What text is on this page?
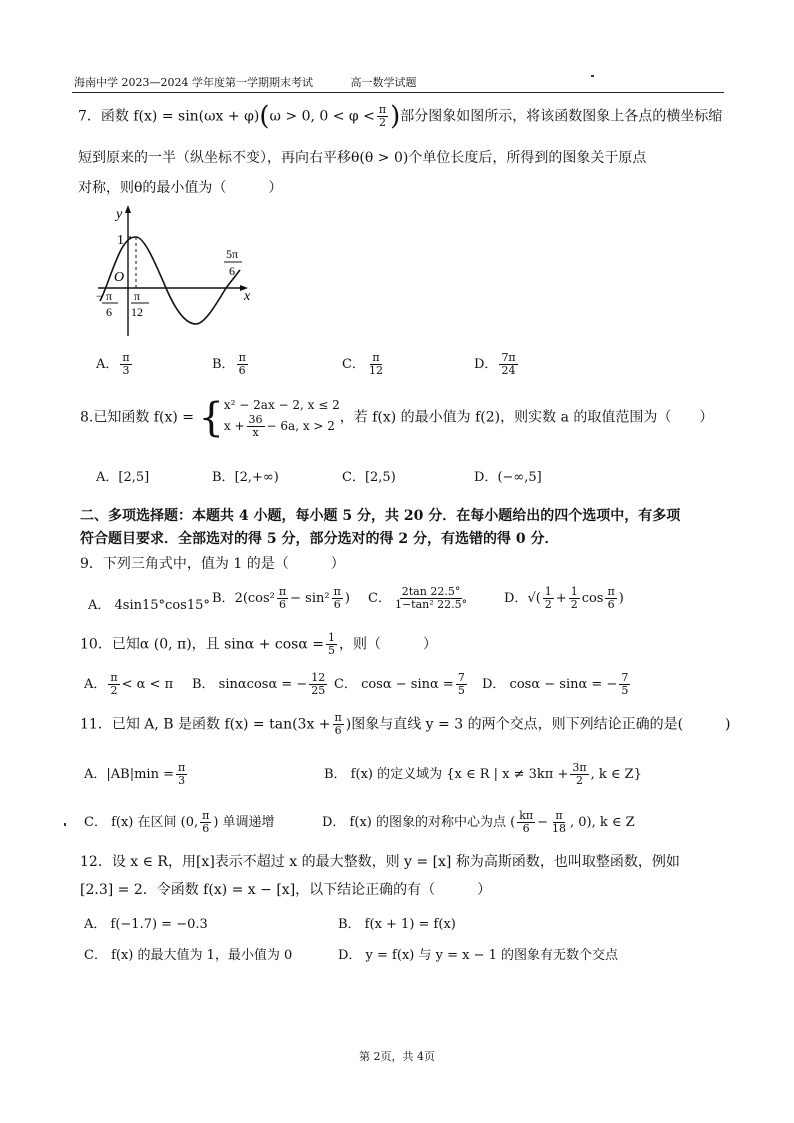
海南中学 2023—2024 学年度第一学期期末考试	高一数学试题
7．函数 f(x) = sin(ωx + φ)(ω > 0, $0 < \varphi < \frac{\pi}{2}$ )部分图象如图所示，将该函数图象上各点的横坐标缩
短到原来的一半（纵坐标不变），再向右平移θ(θ > 0)个单位长度后，所得到的图象关于原点
对称，则θ的最小值为（　　　）
y
x
O
1
− π
6
π
12
5π
6
A． $\frac{\pi}{3}$	B． $\frac{\pi}{6}$	C． $\frac{\pi}{12}$	D． $\frac{7\pi}{24}$
8.已知函数 f(x) = { x² − 2ax − 2, x ≤ 2
$x + \frac{36}{x} - 6a$, x > 2
，若 f(x) 的最小值为 f(2)，则实数 a 的取值范围为（　　）
A．[2,5]	B．[2,+∞)	C．[2,5)	D．(−∞,5]
二、多项选择题：本题共 4 小题，每小题 5 分，共 20 分．在每小题给出的四个选项中，有多项
符合题目要求．全部选对的得 5 分，部分选对的得 2 分，有选错的得 0 分．
9．下列三角式中，值为 1 的是（　　　）
A． 4sin15°cos15° B．$2(\cos^2 \frac{\pi}{6} - \sin^2 \frac{\pi}{6}$ ) C． $\frac{2\tan 22.5^\circ}{\text{1−tan² 22.5°}}$	D．√( $\frac{1}{2} + \frac{1}{2}$ $\cos \frac{\pi}{6}$ )
10．已知α (0, π)，且 $\sin\alpha + \cos\alpha = \frac{1}{5}$ ，则（　　　）
A． $\frac{\pi}{2} < \alpha < \pi$ B． sinαcosα = − $\frac{12}{25}$ C． $\cos\alpha - \sin\alpha = \frac{7}{5}$ D． cosα − sinα = − $\frac{7}{5}$
11．已知 A, B 是函数 $f(x) = \tan(3x + \frac{\pi}{6}$ )图象与直线 y = 3 的两个交点，则下列结论正确的是(　　　)
A．$|AB|\min = \frac{\pi}{3}$	B． f(x) 的定义域为 {x ∈ R | $x \ne 3k\pi + \frac{3\pi}{2}$ , k ∈ Z}
C． f(x) 在区间 (0, $\frac{\pi}{6}$ ) 单调递增	D． f(x) 的图象的对称中心为点 ( $\frac{k\pi}{6} - \frac{\pi}{18}$ , 0), k ∈ Z
12．设 x ∈ R，用[x]表示不超过 x 的最大整数，则 y = [x] 称为高斯函数，也叫取整函数，例如
[2.3] = 2．令函数 f(x) = x − [x]，以下结论正确的有（　　　）
A． f(−1.7) = −0.3	B． f(x + 1) = f(x)
C． f(x) 的最大值为 1，最小值为 0	D． y = f(x) 与 y = x − 1 的图象有无数个交点
第 2页，共 4页
